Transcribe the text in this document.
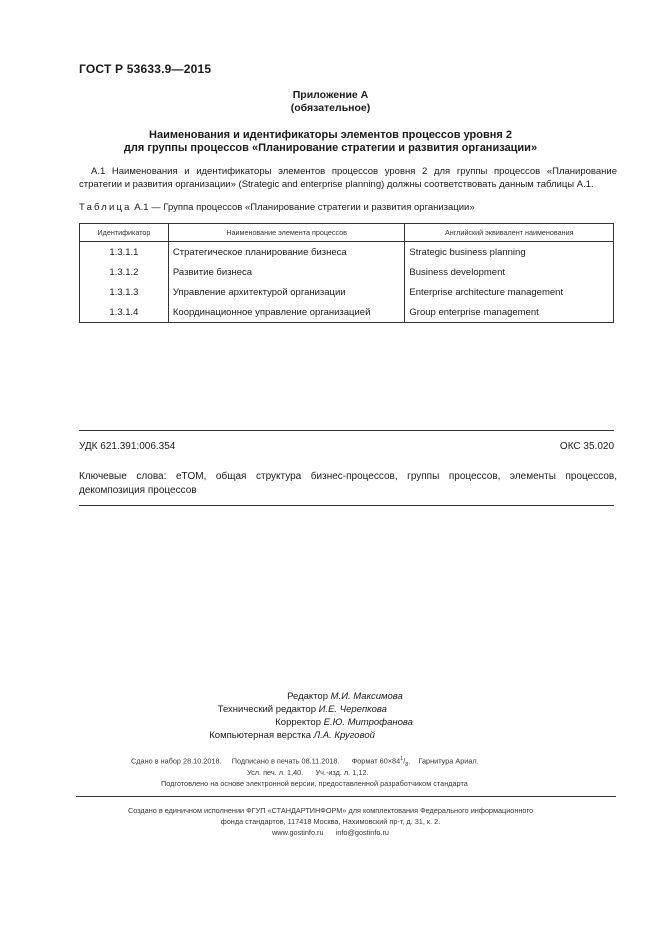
ГОСТ Р 53633.9—2015
Приложение А
(обязательное)
Наименования и идентификаторы элементов процессов уровня 2
для группы процессов «Планирование стратегии и развития организации»
А.1 Наименования и идентификаторы элементов процессов уровня 2 для группы процессов «Планирование стратегии и развития организации» (Strategic and enterprise planning) должны соответствовать данным таблицы А.1.
Таблица А.1 — Группа процессов «Планирование стратегии и развития организации»
Идентификатор	Наименование элемента процессов	Английский эквивалент наименования
1.3.1.1	Стратегическое планирование бизнеса	Strategic business planning
1.3.1.2	Развитие бизнеса	Business development
1.3.1.3	Управление архитектурой организации	Enterprise architecture management
1.3.1.4	Координационное управление организацией	Group enterprise management
УДК 621.391:006.354	ОКС 35.020
Ключевые слова: eTOM, общая структура бизнес-процессов, группы процессов, элементы процессов, декомпозиция процессов
Редактор М.И. Максимова
Технический редактор И.Е. Черепкова
Корректор Е.Ю. Митрофанова
Компьютерная верстка Л.А. Круговой
Сдано в набор 28.10.2018. Подписано в печать 08.11.2018. Формат $60\times 84^1/_8$.    Гарнитура Ариал.
Усл. печ. л. 1,40. Уч.-изд. л. 1,12.
Подготовлено на основе электронной версии, предоставленной разработчиком стандарта
Создано в единичном исполнении ФГУП «СТАНДАРТИНФОРМ» для комплектования Федерального информационного
фонда стандартов, 117418 Москва, Нахимовский пр-т, д. 31, к. 2.
www.gostinfo.ru info@gostinfo.ru
